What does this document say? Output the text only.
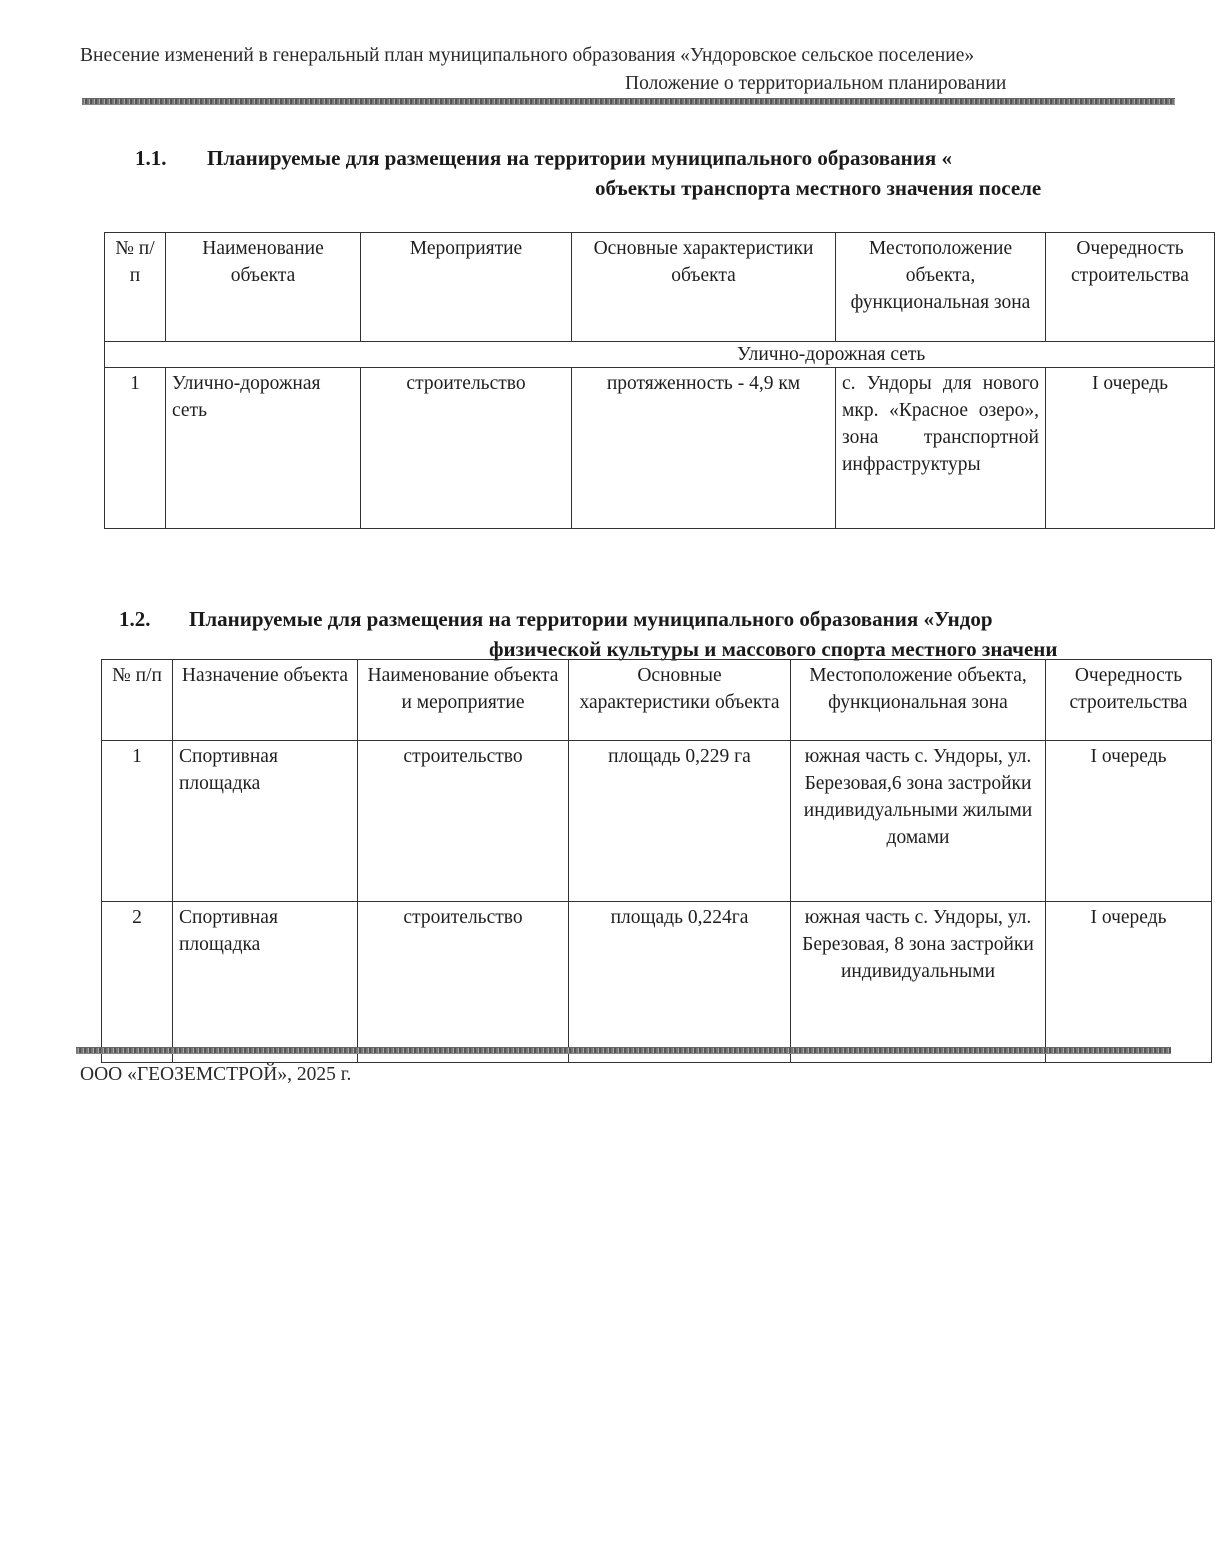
Внесение изменений в генеральный план муниципального образования «Ундоровское сельское поселение»
Положение о территориальном планировании
1.1. Планируемые для размещения на территории муниципального образования «
объекты транспорта местного значения поселе
№ п/п	Наименование объекта	Мероприятие	Основные характеристики объекта	Местоположение объекта, функциональная зона	Очередность строительства
Улично-дорожная сеть					
1	Улично-дорожная сеть	строительство	протяженность - 4,9 км	с. Ундоры для нового мкр. «Красное озеро», зона транспортной инфраструктуры	I очередь
1.2. Планируемые для размещения на территории муниципального образования «Ундор
физической культуры и массового спорта местного значени
№ п/п	Назначение объекта	Наименование объекта и мероприятие	Основные характеристики объекта	Местоположение объекта, функциональная зона	Очередность строительства
1	Спортивная площадка	строительство	площадь 0,229 га	южная часть с. Ундоры, ул. Березовая,6 зона застройки индивидуальными жилыми домами	I очередь
2	Спортивная площадка	строительство	площадь 0,224га	южная часть с. Ундоры, ул. Березовая, 8 зона застройки индивидуальными	I очередь
ООО «ГЕОЗЕМСТРОЙ», 2025 г.
